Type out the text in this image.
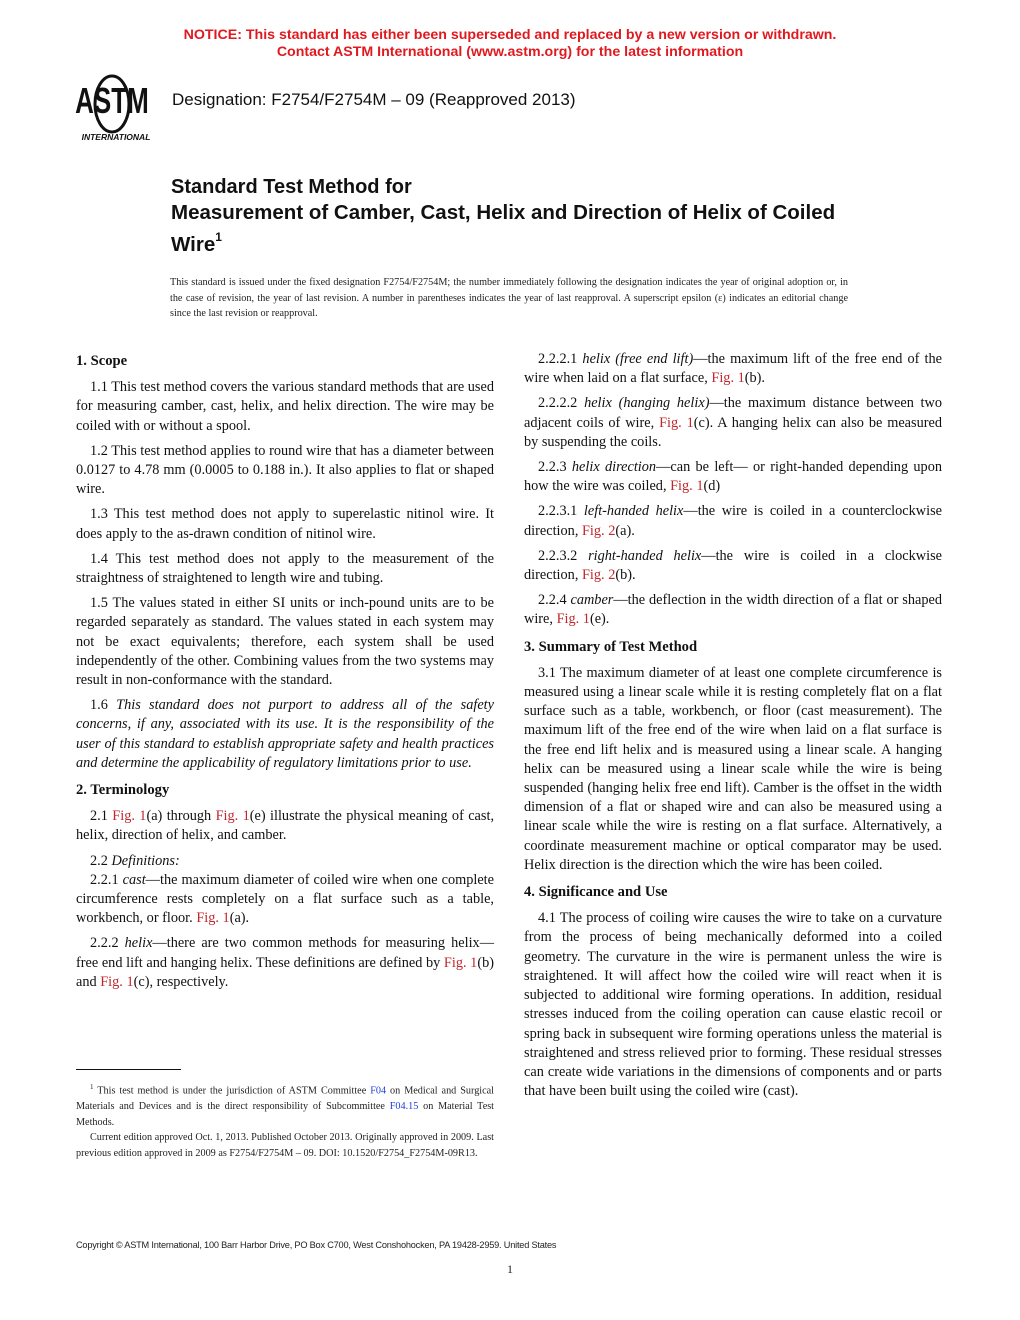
NOTICE: This standard has either been superseded and replaced by a new version or withdrawn.
Contact ASTM International (www.astm.org) for the latest information
ASTM
INTERNATIONAL
Designation: F2754/F2754M – 09 (Reapproved 2013)
Standard Test Method for
Measurement of Camber, Cast, Helix and Direction of Helix of Coiled Wire$^1$
This standard is issued under the fixed designation F2754/F2754M; the number immediately following the designation indicates the year of original adoption or, in the case of revision, the year of last revision. A number in parentheses indicates the year of last reapproval. A superscript epsilon (ε) indicates an editorial change since the last revision or reapproval.
1. Scope

1.1 This test method covers the various standard methods that are used for measuring camber, cast, helix, and helix direction. The wire may be coiled with or without a spool.

1.2 This test method applies to round wire that has a diameter between 0.0127 to 4.78 mm (0.0005 to 0.188 in.). It also applies to flat or shaped wire.

1.3 This test method does not apply to superelastic nitinol wire. It does apply to the as-drawn condition of nitinol wire.

1.4 This test method does not apply to the measurement of the straightness of straightened to length wire and tubing.

1.5 The values stated in either SI units or inch-pound units are to be regarded separately as standard. The values stated in each system may not be exact equivalents; therefore, each system shall be used independently of the other. Combining values from the two systems may result in non-conformance with the standard.

1.6 This standard does not purport to address all of the safety concerns, if any, associated with its use. It is the responsibility of the user of this standard to establish appropriate safety and health practices and determine the applicability of regulatory limitations prior to use.

2. Terminology

2.1 Fig. 1(a) through Fig. 1(e) illustrate the physical meaning of cast, helix, direction of helix, and camber.

2.2 Definitions:

2.2.1 cast—the maximum diameter of coiled wire when one complete circumference rests completely on a flat surface such as a table, workbench, or floor. Fig. 1(a).

2.2.2 helix—there are two common methods for measuring helix—free end lift and hanging helix. These definitions are defined by Fig. 1(b) and Fig. 1(c), respectively.

$^1$ This test method is under the jurisdiction of ASTM Committee F04 on Medical and Surgical Materials and Devices and is the direct responsibility of Subcommittee F04.15 on Material Test Methods.

Current edition approved Oct. 1, 2013. Published October 2013. Originally approved in 2009. Last previous edition approved in 2009 as F2754/F2754M – 09. DOI: 10.1520/F2754_F2754M-09R13.

2.2.2.1 helix (free end lift)—the maximum lift of the free end of the wire when laid on a flat surface, Fig. 1(b).

2.2.2.2 helix (hanging helix)—the maximum distance between two adjacent coils of wire, Fig. 1(c). A hanging helix can also be measured by suspending the coils.

2.2.3 helix direction—can be left— or right-handed depending upon how the wire was coiled, Fig. 1(d)

2.2.3.1 left-handed helix—the wire is coiled in a counterclockwise direction, Fig. 2(a).

2.2.3.2 right-handed helix—the wire is coiled in a clockwise direction, Fig. 2(b).

2.2.4 camber—the deflection in the width direction of a flat or shaped wire, Fig. 1(e).

3. Summary of Test Method

3.1 The maximum diameter of at least one complete circumference is measured using a linear scale while it is resting completely flat on a flat surface such as a table, workbench, or floor (cast measurement). The maximum lift of the free end of the wire when laid on a flat surface is the free end lift helix and is measured using a linear scale. A hanging helix can be measured using a linear scale while the wire is being suspended (hanging helix free end lift). Camber is the offset in the width dimension of a flat or shaped wire and can also be measured using a linear scale while the wire is resting on a flat surface. Alternatively, a coordinate measurement machine or optical comparator may be used. Helix direction is the direction which the wire has been coiled.

4. Significance and Use

4.1 The process of coiling wire causes the wire to take on a curvature from the process of being mechanically deformed into a coiled geometry. The curvature in the wire is permanent unless the wire is straightened. It will affect how the coiled wire will react when it is subjected to additional wire forming operations. In addition, residual stresses induced from the coiling operation can cause elastic recoil or spring back in subsequent wire forming operations unless the material is straightened and stress relieved prior to forming. These residual stresses can create wide variations in the dimensions of components and or parts that have been built using the coiled wire (cast).

Copyright © ASTM International, 100 Barr Harbor Drive, PO Box C700, West Conshohocken, PA 19428-2959. United States
1
